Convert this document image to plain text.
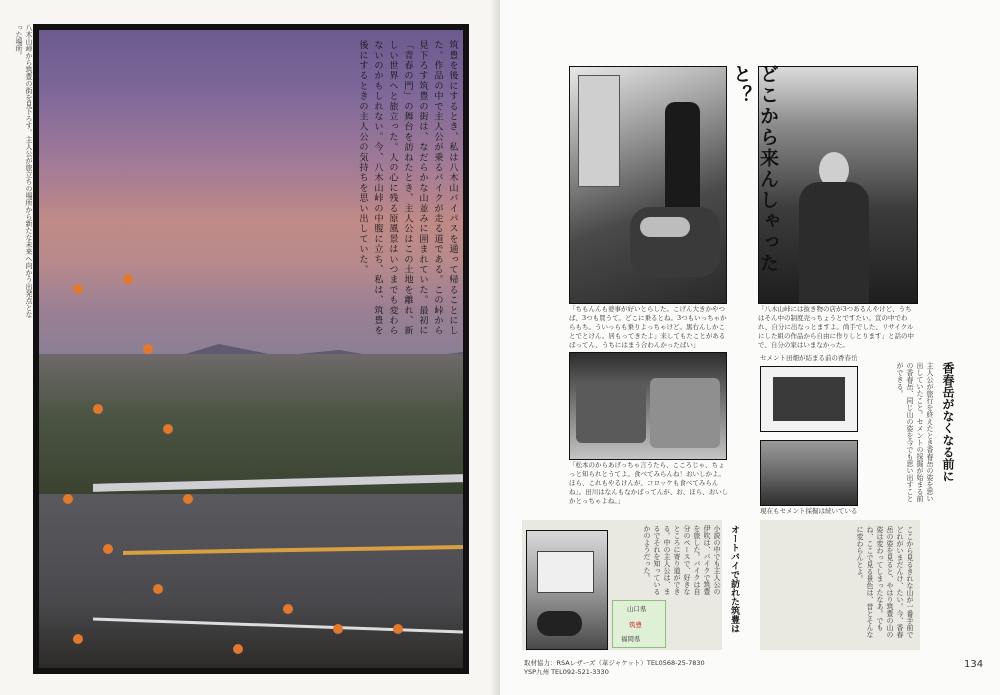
八木山峠から筑豊の街を見下ろす。主人公が旅立ちの場所から新たな未来へ向かう出発点となった場所。	筑豊を後にするとき、私は八木山バイパスを通って帰ることにした。作品の中で主人公が乗るバイクが走る道である。この峠から見下ろす筑豊の街は、なだらかな山並みに囲まれていた。最初に「青春の門」の舞台を訪ねたとき、主人公はこの土地を離れ、新しい世界へと旅立った。人の心に残る原風景はいつまでも変わらないのかもしれない。今、八木山峠の中腹に立ち、私は、筑豊を後にするときの主人公の気持ちを思い出していた。	どこから来んしゃったと？
「ちもんんも婆事が好いとらした。こげん大きかやつば、3つも買うて。どこに乗るとね。3つもいっちゃからもち。ういっらも乗りよっちゃけど。黒右んしかことでとけん。居もってきたよ」来してもたことがあるばってん、うちにはまう合わんかったばい」
「八木山峠には抜き物の店が3つあるんやけど、うちはそん中の制度売っちょうとですたい。宣の中でわれ、自分に出なっとますよ。尚手でした、リサイクルにした組の作品から自由に作りしとります」と話の中で、自分の家はいまなかった。
「松本のからあげっちゃ言うたら、こころじゃ、ちょっと知られとうてよ。食べてみらんね！おいしかよ。ほら、これもやるけんが、コロッケも食べてみらんね」。田川はなんもなかばってんが、お、ほら、おいしかとっちゃよね。」
セメント田畑が結まる前の香春岳
現在もセメント採掘は続いている
香春岳がなくなる前に
主人公が旅行を終えたとき香春岳の姿を思い出していたこと。セメントの採掘が始まる前の香春岳、同じ山の姿を今でも思い出すことができる。
山口県
筑豊
福岡県
オートバイで訪れた筑豊は
小説の中でも主人公の伊吹は、バイクで筑豊を旅した。バイクは自分のペースで、好きなところに寄り道ができる。中の主人公は、まるでそれを知っているかのようだった。	ここから見るきれな山が一番手前でどれがいまだんけ、たい。今、香春岳の姿を見ると、やはり筑豊の山の姿は変わってしまったなあ。でもね、ここで見る景色は、昔とそんなに変わらんとよ。
取材協力：RSAレザーズ（革ジャケット）TEL0568-25-7830
YSP九州 TEL092-521-3330
134
